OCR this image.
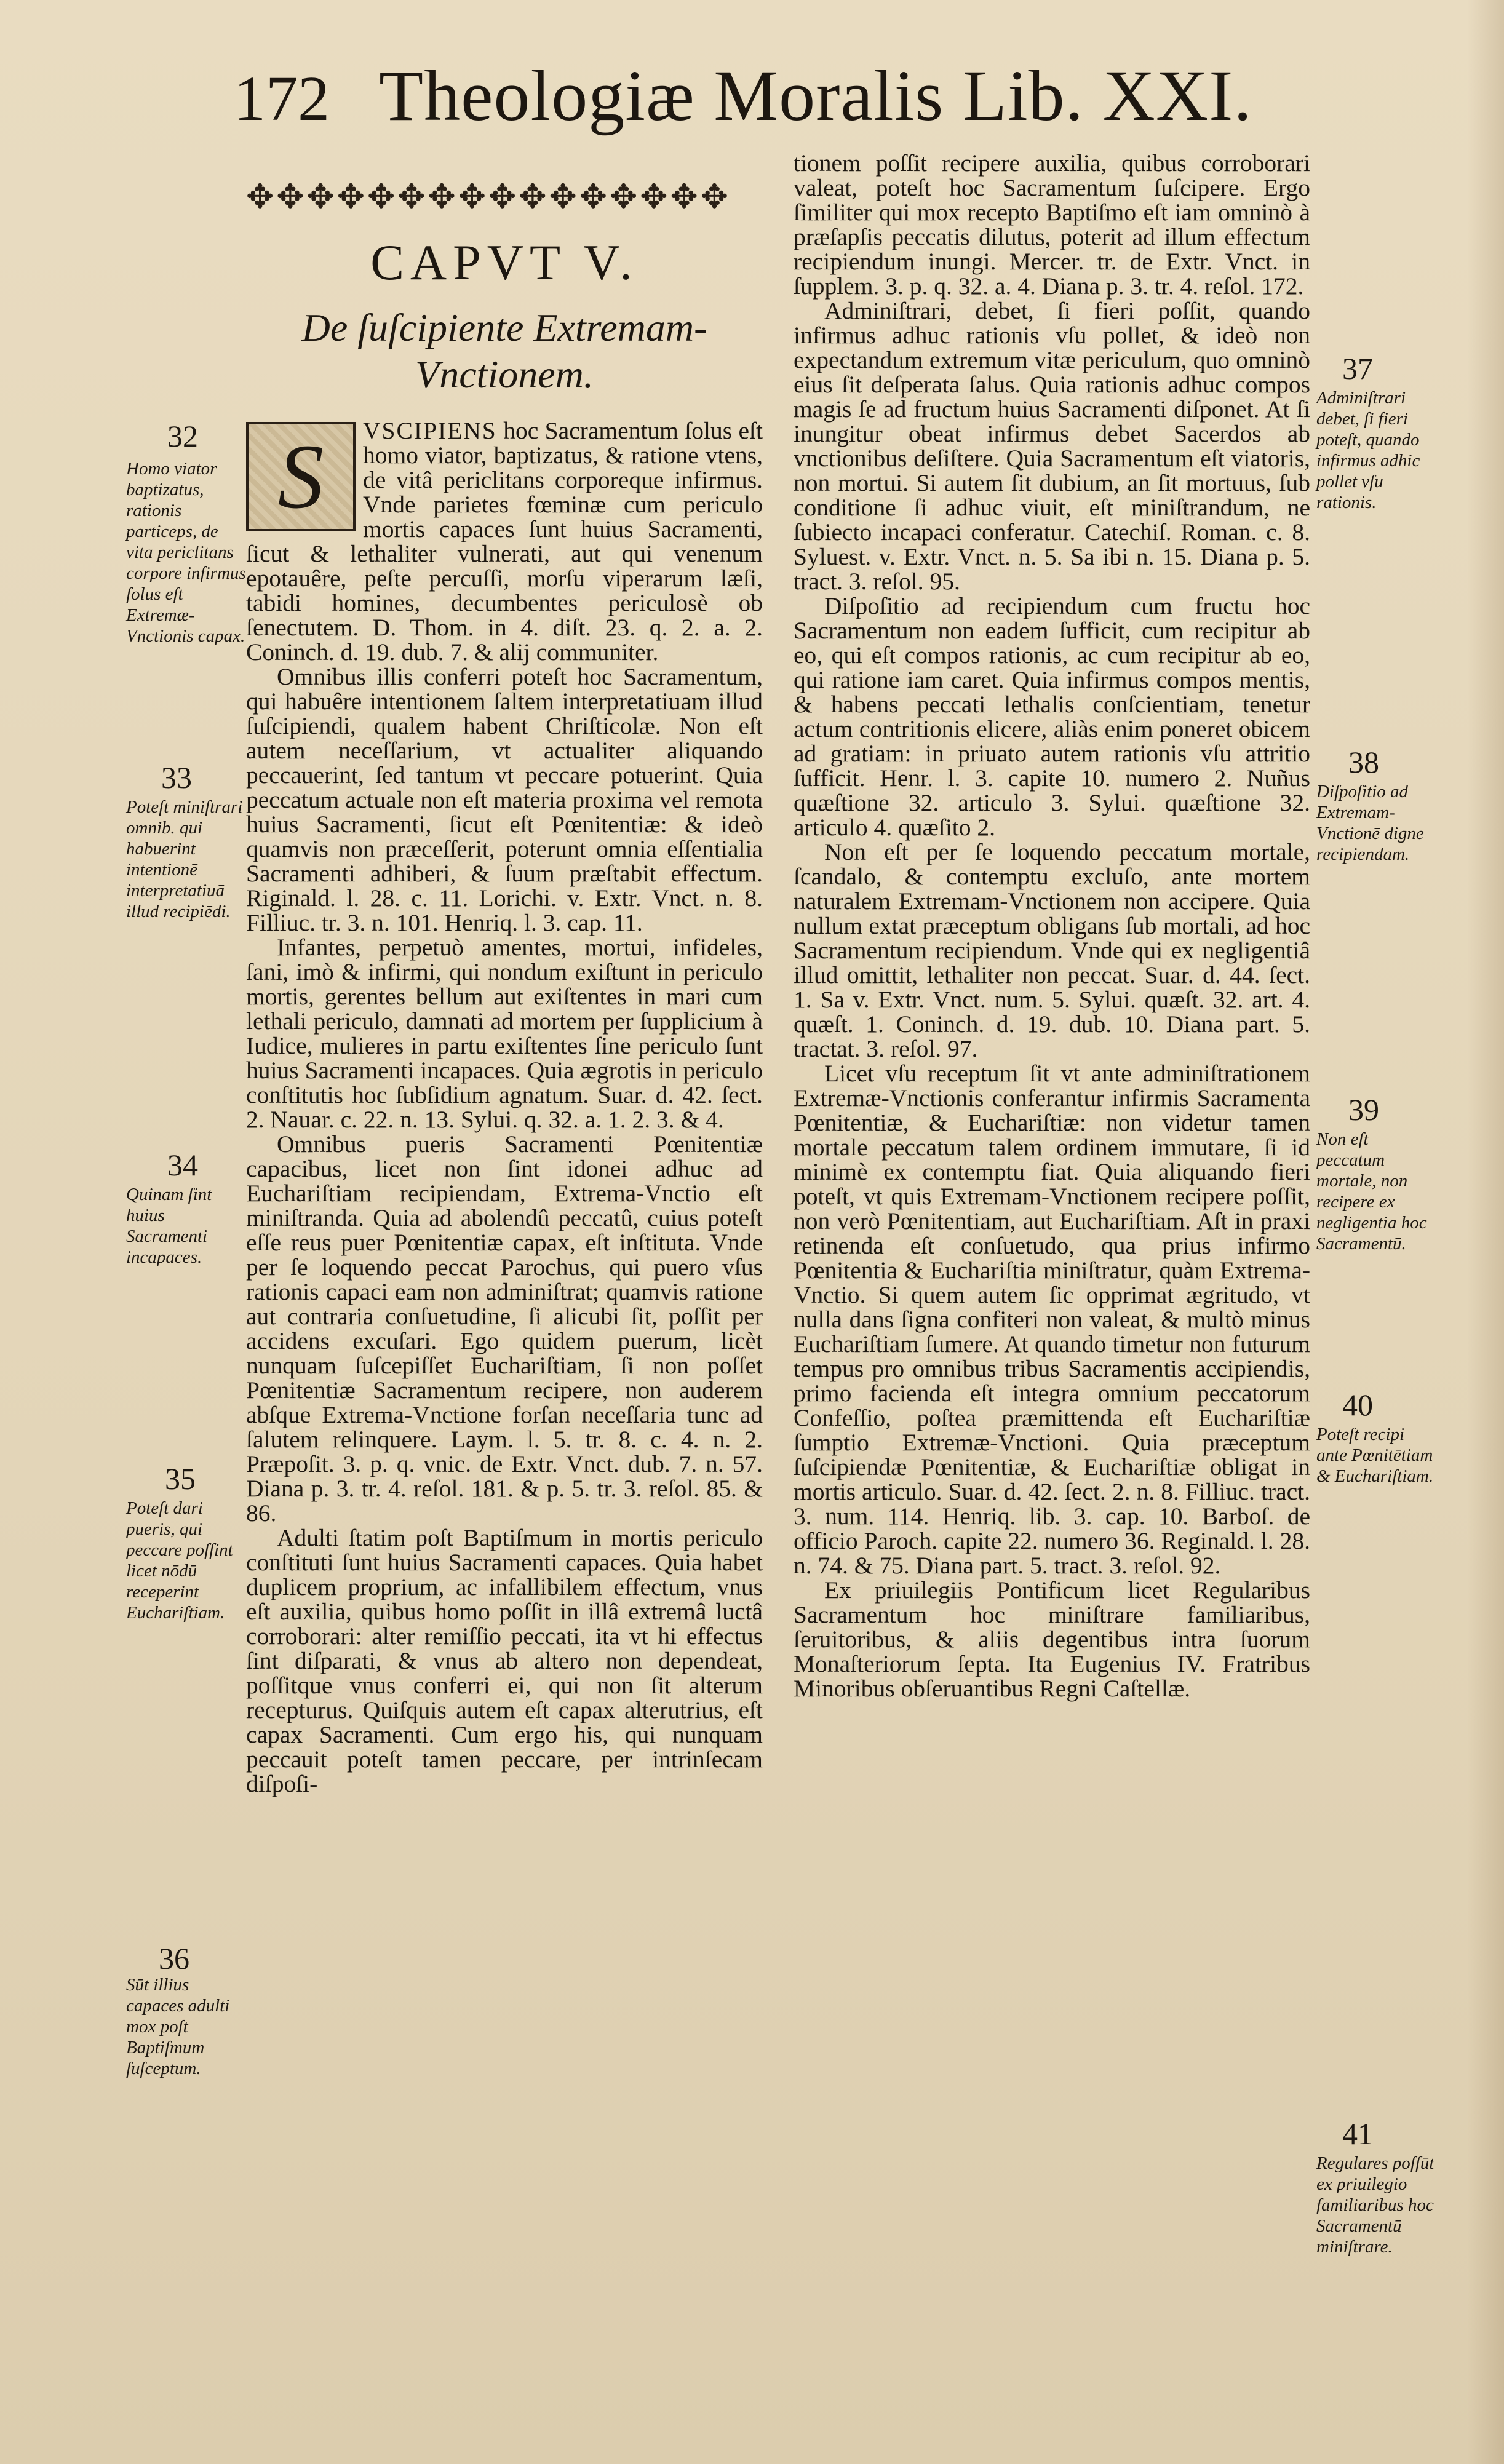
172 Theologiæ Moralis Lib. XXI.
✥✥✥✥✥✥✥✥✥✥✥✥✥✥✥✥
CAPVT V.
De ſuſcipiente Extremam-
Vnctionem.

S	VSCIPIENS hoc Sacramentum ſolus eſt homo viator, baptizatus, & ratione vtens, de vitâ periclitans corporeque infirmus. Vnde parietes fœminæ cum periculo mortis capaces ſunt huius Sacramenti, ſicut & lethaliter vulnerati, aut qui venenum epotauêre, peſte percuſſi, morſu viperarum læſi, tabidi homines, decumbentes periculosè ob ſenectutem. D. Thom. in 4. diſt. 23. q. 2. a. 2. Coninch. d. 19. dub. 7. & alij communiter.

Omnibus illis conferri poteſt hoc Sacramentum, qui habuêre intentionem ſaltem interpretatiuam illud ſuſcipiendi, qualem habent Chriſticolæ. Non eſt autem neceſſarium, vt actualiter aliquando peccauerint, ſed tantum vt peccare potuerint. Quia peccatum actuale non eſt materia proxima vel remota huius Sacramenti, ſicut eſt Pœnitentiæ: & ideò quamvis non præceſſerit, poterunt omnia eſſentialia Sacramenti adhiberi, & ſuum præſtabit effectum. Riginald. l. 28. c. 11. Lorichi. v. Extr. Vnct. n. 8. Filliuc. tr. 3. n. 101. Henriq. l. 3. cap. 11.

Infantes, perpetuò amentes, mortui, infideles, ſani, imò & infirmi, qui nondum exiſtunt in periculo mortis, gerentes bellum aut exiſtentes in mari cum lethali periculo, damnati ad mortem per ſupplicium à Iudice, mulieres in partu exiſtentes ſine periculo ſunt huius Sacramenti incapaces. Quia ægrotis in periculo conſtitutis hoc ſubſidium agnatum. Suar. d. 42. ſect. 2. Nauar. c. 22. n. 13. Sylui. q. 32. a. 1. 2. 3. & 4.

Omnibus pueris Sacramenti Pœnitentiæ capacibus, licet non ſint idonei adhuc ad Euchariſtiam recipiendam, Extrema-Vnctio eſt miniſtranda. Quia ad abolendû peccatû, cuius poteſt eſſe reus puer Pœnitentiæ capax, eſt inſtituta. Vnde per ſe loquendo peccat Parochus, qui puero vſus rationis capaci eam non adminiſtrat; quamvis ratione aut contraria conſuetudine, ſi alicubi ſit, poſſit per accidens excuſari. Ego quidem puerum, licèt nunquam ſuſcepiſſet Euchariſtiam, ſi non poſſet Pœnitentiæ Sacramentum recipere, non auderem abſque Extrema-Vnctione forſan neceſſaria tunc ad ſalutem relinquere. Laym. l. 5. tr. 8. c. 4. n. 2. Præpoſit. 3. p. q. vnic. de Extr. Vnct. dub. 7. n. 57. Diana p. 3. tr. 4. reſol. 181. & p. 5. tr. 3. reſol. 85. & 86.

Adulti ſtatim poſt Baptiſmum in mortis periculo conſtituti ſunt huius Sacramenti capaces. Quia habet duplicem proprium, ac infallibilem effectum, vnus eſt auxilia, quibus homo poſſit in illâ extremâ luctâ corroborari: alter remiſſio peccati, ita vt hi effectus ſint diſparati, & vnus ab altero non dependeat, poſſitque vnus conferri ei, qui non ſit alterum recepturus. Quiſquis autem eſt capax alterutrius, eſt capax Sacramenti. Cum ergo his, qui nunquam peccauit poteſt tamen peccare, per intrinſecam diſpoſi-

tionem poſſit recipere auxilia, quibus corroborari valeat, poteſt hoc Sacramentum ſuſcipere. Ergo ſimiliter qui mox recepto Baptiſmo eſt iam omninò à præſapſis peccatis dilutus, poterit ad illum effectum recipiendum inungi. Mercer. tr. de Extr. Vnct. in ſupplem. 3. p. q. 32. a. 4. Diana p. 3. tr. 4. reſol. 172.

Adminiſtrari, debet, ſi fieri poſſit, quando infirmus adhuc rationis vſu pollet, & ideò non expectandum extremum vitæ periculum, quo omninò eius ſit deſperata ſalus. Quia rationis adhuc compos magis ſe ad fructum huius Sacramenti diſponet. At ſi inungitur obeat infirmus debet Sacerdos ab vnctionibus deſiſtere. Quia Sacramentum eſt viatoris, non mortui. Si autem ſit dubium, an ſit mortuus, ſub conditione ſi adhuc viuit, eſt miniſtrandum, ne ſubiecto incapaci conferatur. Catechiſ. Roman. c. 8. Syluest. v. Extr. Vnct. n. 5. Sa ibi n. 15. Diana p. 5. tract. 3. reſol. 95.

Diſpoſitio ad recipiendum cum fructu hoc Sacramentum non eadem ſufficit, cum recipitur ab eo, qui eſt compos rationis, ac cum recipitur ab eo, qui ratione iam caret. Quia infirmus compos mentis, & habens peccati lethalis conſcientiam, tenetur actum contritionis elicere, aliàs enim poneret obicem ad gratiam: in priuato autem rationis vſu attritio ſufficit. Henr. l. 3. capite 10. numero 2. Nuñus quæſtione 32. articulo 3. Sylui. quæſtione 32. articulo 4. quæſito 2.

Non eſt per ſe loquendo peccatum mortale, ſcandalo, & contemptu excluſo, ante mortem naturalem Extremam-Vnctionem non accipere. Quia nullum extat præceptum obligans ſub mortali, ad hoc Sacramentum recipiendum. Vnde qui ex negligentiâ illud omittit, lethaliter non peccat. Suar. d. 44. ſect. 1. Sa v. Extr. Vnct. num. 5. Sylui. quæſt. 32. art. 4. quæſt. 1. Coninch. d. 19. dub. 10. Diana part. 5. tractat. 3. reſol. 97.

Licet vſu receptum ſit vt ante adminiſtrationem Extremæ-Vnctionis conferantur infirmis Sacramenta Pœnitentiæ, & Euchariſtiæ: non videtur tamen mortale peccatum talem ordinem immutare, ſi id minimè ex contemptu fiat. Quia aliquando fieri poteſt, vt quis Extremam-Vnctionem recipere poſſit, non verò Pœnitentiam, aut Euchariſtiam. Aſt in praxi retinenda eſt conſuetudo, qua prius infirmo Pœnitentia & Euchariſtia miniſtratur, quàm Extrema-Vnctio. Si quem autem ſic opprimat ægritudo, vt nulla dans ſigna confiteri non valeat, & multò minus Euchariſtiam ſumere. At quando timetur non futurum tempus pro omnibus tribus Sacramentis accipiendis, primo facienda eſt integra omnium peccatorum Confeſſio, poſtea præmittenda eſt Euchariſtiæ ſumptio Extremæ-Vnctioni. Quia præceptum ſuſcipiendæ Pœnitentiæ, & Euchariſtiæ obligat in mortis articulo. Suar. d. 42. ſect. 2. n. 8. Filliuc. tract. 3. num. 114. Henriq. lib. 3. cap. 10. Barboſ. de officio Paroch. capite 22. numero 36. Reginald. l. 28. n. 74. & 75. Diana part. 5. tract. 3. reſol. 92.

Ex priuilegiis Pontificum licet Regularibus Sacramentum hoc miniſtrare familiaribus, ſeruitoribus, & aliis degentibus intra ſuorum Monaſteriorum ſepta. Ita Eugenius IV. Fratribus Minoribus obſeruantibus Regni Caſtellæ.

32
Homo viator baptizatus, rationis particeps, de vita periclitans corpore infirmus ſolus eſt Extremæ-Vnctionis capax.
33
Poteſt miniſtrari omnib. qui habuerint intentionē interpretatiuā illud recipiēdi.
34
Quinam ſint huius Sacramenti incapaces.
35
Poteſt dari pueris, qui peccare poſſint licet nōdū receperint Euchariſtiam.
36
Sūt illius capaces adulti mox poſt Baptiſmum ſuſceptum.
37
Adminiſtrari debet, ſi fieri poteſt, quando infirmus adhic pollet vſu rationis.
38
Diſpoſitio ad Extremam-Vnctionē digne recipiendam.
39
Non eſt peccatum mortale, non recipere ex negligentia hoc Sacramentū.
40
Poteſt recipi ante Pœnitētiam & Euchariſtiam.
41
Regulares poſſūt ex priuilegio familiaribus hoc Sacramentū miniſtrare.
